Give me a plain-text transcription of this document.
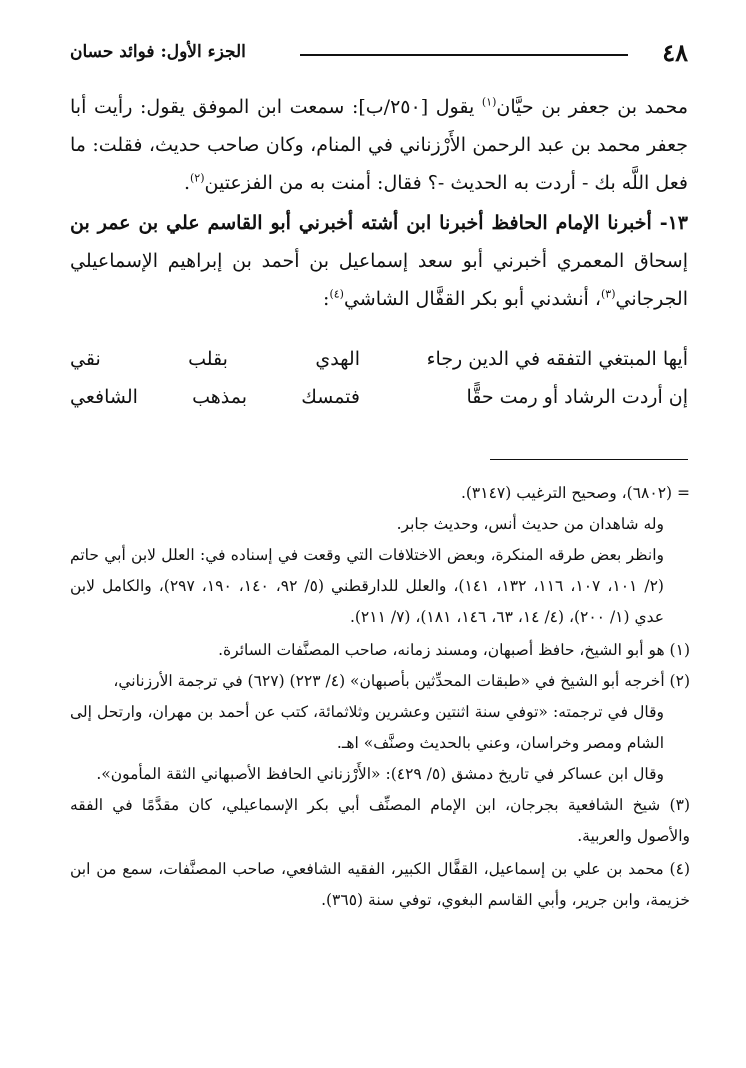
٤٨
الجزء الأول: فوائد حسان

محمد بن جعفر بن حيَّان$^{(١)}$ يقول [٢٥٠/ب]: سمعت ابن الموفق يقول: رأيت أبا جعفر محمد بن عبد الرحمن الأَرْزناني في المنام، وكان صاحب حديث، فقلت: ما فعل اللَّه بك - أردت به الحديث -؟ فقال: أمنت به من الفزعتين$^{(٢)}$.

١٣- أخبرنا الإمام الحافظ أخبرنا ابن أشته أخبرني أبو القاسم علي بن عمر بن إسحاق المعمري أخبرني أبو سعد إسماعيل بن أحمد بن إبراهيم الإسماعيلي الجرجاني$^{(٣)}$، أنشدني أبو بكر القفَّال الشاشي$^{(٤)}$:

أيها المبتغي التفقه في الدين رجاء
الهدي بقلب نقي
إن أردت الرشاد أو رمت حقًّا
فتمسك بمذهب الشافعي

= (٦٨٠٢)، وصحيح الترغيب (٣١٤٧).

وله شاهدان من حديث أنس، وحديث جابر.

وانظر بعض طرقه المنكرة، وبعض الاختلافات التي وقعت في إسناده في: العلل لابن أبي حاتم (٢/ ١٠١، ١٠٧، ١١٦، ١٣٢، ١٤١)، والعلل للدارقطني (٥/ ٩٢، ١٤٠، ١٩٠، ٢٩٧)، والكامل لابن عدي (١/ ٢٠٠)، (٤/ ١٤، ٦٣، ١٤٦، ١٨١)، (٧/ ٢١١).

(١) هو أبو الشيخ، حافظ أصبهان، ومسند زمانه، صاحب المصنَّفات السائرة.

(٢) أخرجه أبو الشيخ في «طبقات المحدِّثين بأصبهان» (٤/ ٢٢٣) (٦٢٧) في ترجمة الأرزناني،

وقال في ترجمته: «توفي سنة اثنتين وعشرين وثلاثمائة، كتب عن أحمد بن مهران، وارتحل إلى الشام ومصر وخراسان، وعني بالحديث وصنَّف» اهـ.

وقال ابن عساكر في تاريخ دمشق (٥/ ٤٢٩): «الأَرْزناني الحافظ الأصبهاني الثقة المأمون».

(٣) شيخ الشافعية بجرجان، ابن الإمام المصنِّف أبي بكر الإسماعيلي، كان مقدَّمًا في الفقه والأصول والعربية.

(٤) محمد بن علي بن إسماعيل، القفَّال الكبير، الفقيه الشافعي، صاحب المصنَّفات، سمع من ابن خزيمة، وابن جرير، وأبي القاسم البغوي، توفي سنة (٣٦٥).
